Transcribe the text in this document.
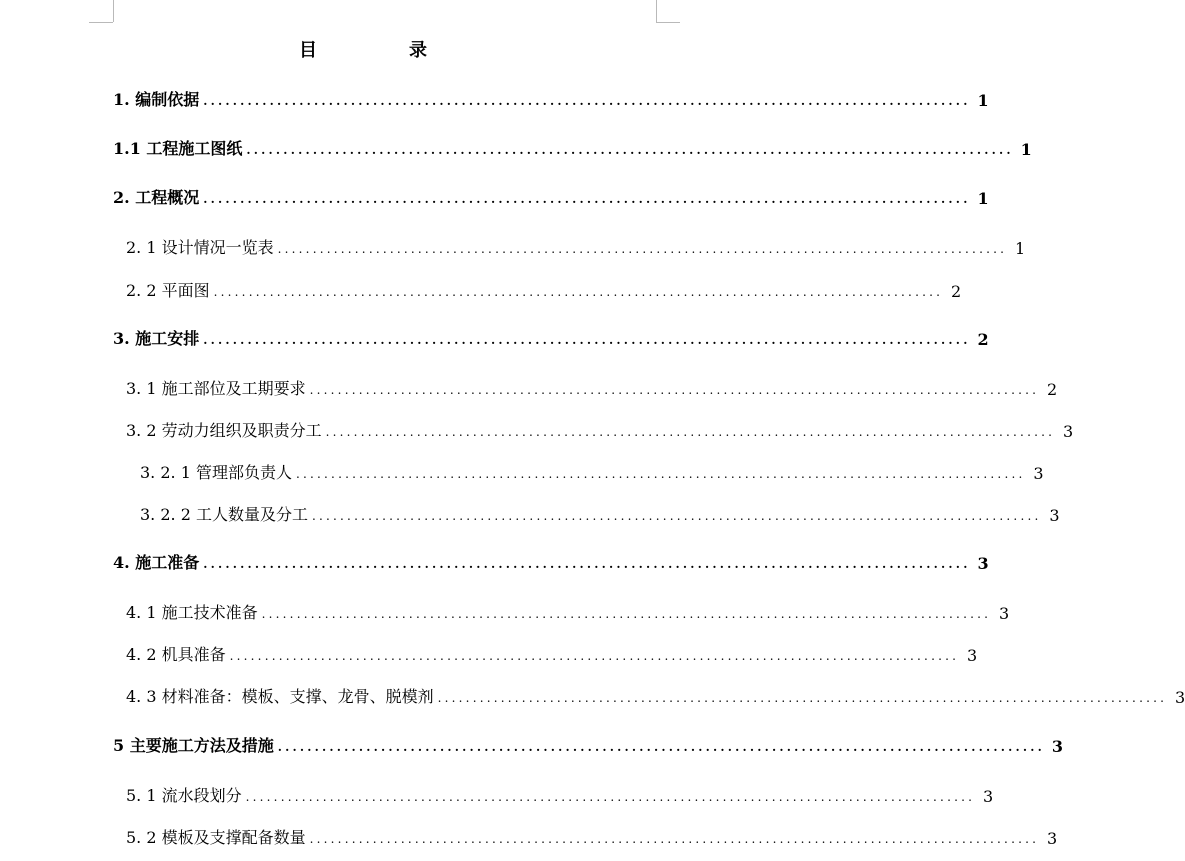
目	录
1. 编制依据 ........................................................................................................ 1
1.1 工程施工图纸 ........................................................................................................ 1
2. 工程概况 ........................................................................................................ 1
2. 1 设计情况一览表 ........................................................................................................ 1
2. 2 平面图 ........................................................................................................ 2
3. 施工安排 ........................................................................................................ 2
3. 1 施工部位及工期要求 ........................................................................................................ 2
3. 2 劳动力组织及职责分工 ........................................................................................................ 3
3. 2. 1 管理部负责人 ........................................................................................................ 3
3. 2. 2 工人数量及分工 ........................................................................................................ 3
4. 施工准备 ........................................................................................................ 3
4. 1 施工技术准备 ........................................................................................................ 3
4. 2 机具准备 ........................................................................................................ 3
4. 3 材料准备：模板、支撑、龙骨、脱模剂 ........................................................................................................ 3
5 主要施工方法及措施 ........................................................................................................ 3
5. 1 流水段划分 ........................................................................................................ 3
5. 2 模板及支撑配备数量 ........................................................................................................ 3
